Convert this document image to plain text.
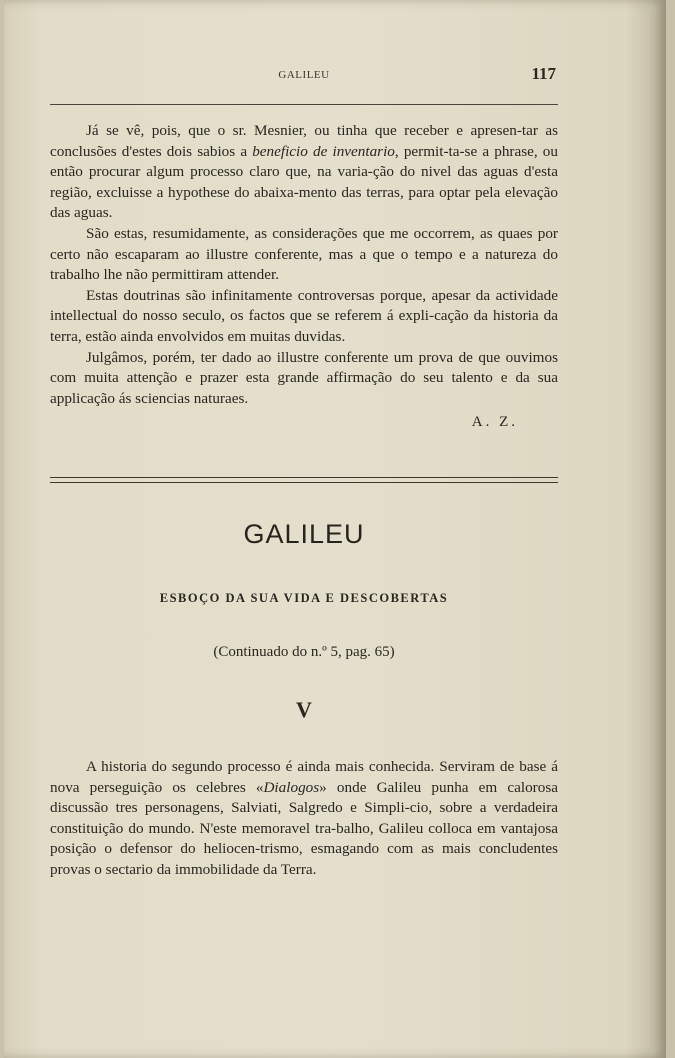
GALILEU	117

Já se vê, pois, que o sr. Mesnier, ou tinha que receber e apresen-tar as conclusões d'estes dois sabios a beneficio de inventario, permit-ta-se a phrase, ou então procurar algum processo claro que, na varia-ção do nivel das aguas d'esta região, excluisse a hypothese do abaixa-mento das terras, para optar pela elevação das aguas.

São estas, resumidamente, as considerações que me occorrem, as quaes por certo não escaparam ao illustre conferente, mas a que o tempo e a natureza do trabalho lhe não permittiram attender.

Estas doutrinas são infinitamente controversas porque, apesar da actividade intellectual do nosso seculo, os factos que se referem á expli-cação da historia da terra, estão ainda envolvidos em muitas duvidas.

Julgâmos, porém, ter dado ao illustre conferente um prova de que ouvimos com muita attenção e prazer esta grande affirmação do seu talento e da sua applicação ás sciencias naturaes.

A. Z.
GALILEU
ESBOÇO DA SUA VIDA E DESCOBERTAS
(Continuado do n.º 5, pag. 65)
V

A historia do segundo processo é ainda mais conhecida. Serviram de base á nova perseguição os celebres «Dialogos» onde Galileu punha em calorosa discussão tres personagens, Salviati, Salgredo e Simpli-cio, sobre a verdadeira constituição do mundo. N'este memoravel tra-balho, Galileu colloca em vantajosa posição o defensor do heliocen-trismo, esmagando com as mais concludentes provas o sectario da immobilidade da Terra.
